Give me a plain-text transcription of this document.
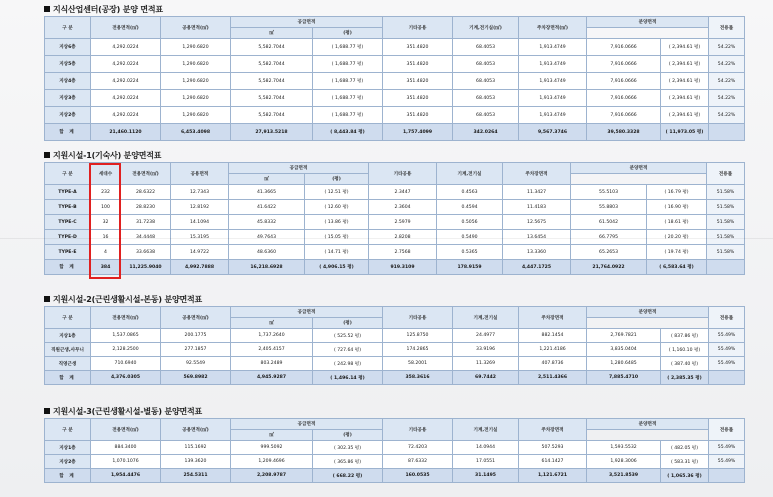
지식산업센터(공장) 분양 면적표
구 분	전용면적(㎡)	공용면적(㎡)	공급면적		기타공용	기계,전기실(㎡)	주차장면적(㎡)	분양면적		전용률
			㎡	(평)						
지상6층	4,292.0224	1,290.6820	5,582.7044	( 1,688.77 평)	351.4820	68.4053	1,913.4749	7,916.0666	( 2,394.61 평)	54.22%
지상5층	4,292.0224	1,290.6820	5,582.7044	( 1,688.77 평)	351.4820	68.4053	1,913.4749	7,916.0666	( 2,394.61 평)	54.22%
지상4층	4,292.0224	1,290.6820	5,582.7044	( 1,688.77 평)	351.4820	68.4053	1,913.4749	7,916.0666	( 2,394.61 평)	54.22%
지상3층	4,292.0224	1,290.6820	5,582.7044	( 1,688.77 평)	351.4820	68.4053	1,913.4749	7,916.0666	( 2,394.61 평)	54.22%
지상2층	4,292.0224	1,290.6820	5,582.7044	( 1,688.77 평)	351.4820	68.4053	1,913.4749	7,916.0666	( 2,394.61 평)	54.22%
합 계	21,460.1120	6,453.4098	27,913.5218	( 8,443.84 평)	1,757.4099	342.0264	9,567.3746	39,580.3328	( 11,973.05 평)	
지원시설-1(기숙사) 분양면적표
구 분	세대수	전용면적(㎡)	공용면적	공급면적		기타공용	기계,전기실	주차장면적	분양면적		전용률
				㎡	(평)						
TYPE-A	232	28.6322	12.7343	41.3665	( 12.51 평)	2.3447	0.4563	11.3427	55.5103	( 16.79 평)	51.58%
TYPE-B	100	28.8230	12.8192	41.6422	( 12.60 평)	2.3604	0.4594	11.4183	55.8803	( 16.90 평)	51.58%
TYPE-C	32	31.7238	14.1094	45.8332	( 13.86 평)	2.5979	0.5056	12.5675	61.5042	( 18.61 평)	51.58%
TYPE-D	16	34.4448	15.3195	49.7643	( 15.05 평)	2.8208	0.5490	13.6454	66.7795	( 20.20 평)	51.58%
TYPE-E	4	33.6638	14.9722	48.6360	( 14.71 평)	2.7568	0.5365	13.3360	65.2653	( 19.74 평)	51.58%
합 계	384	11,225.9040	4,992.7888	16,218.6928	( 4,906.15 평)	919.3109	178.9159	4,447.1725	21,764.0922	( 6,583.64 평)	
지원시설-2(근린생활시설-본동) 분양면적표
구 분	전용면적(㎡)	공용면적(㎡)	공급면적		기타공용	기계,전기실	주차장면적	분양면적		전용률
			㎡	(평)						
지상1층	1,537.0865	200.1775	1,737.2640	( 525.52 평)	125.8750	24.4977	882.1454	2,769.7821	( 837.86 평)	55.49%
직원근생,사무니	2,128.2500	277.1857	2,405.4157	( 727.64 평)	174.2865	33.9196	1,221.4186	3,835.0404	( 1,160.10 평)	55.49%
직영근생	710.6940	92.5549	803.2489	( 242.98 평)	58.2001	11.3269	407.8736	1,280.6485	( 387.40 평)	55.49%
합 계	4,376.0305	569.8982	4,945.9287	( 1,496.14 평)	358.3616	69.7442	2,511.4366	7,885.4710	( 2,385.35 평)	
지원시설-3(근린생활시설-별동) 분양면적표
구 분	전용면적(㎡)	공용면적(㎡)	공급면적		기타공용	기계,전기실	주차장면적	분양면적		전용률
			㎡	(평)						
지상1층	884.3400	115.1692	999.5092	( 302.35 평)	72.4203	14.0944	507.5293	1,593.5532	( 482.05 평)	55.49%
지상2층	1,070.1076	139.3620	1,209.4696	( 365.86 평)	87.6332	17.0551	614.1427	1,928.3006	( 583.31 평)	55.49%
합 계	1,954.4476	254.5311	2,208.9787	( 668.22 평)	160.0535	31.1495	1,121.6721	3,521.8539	( 1,065.36 평)	
